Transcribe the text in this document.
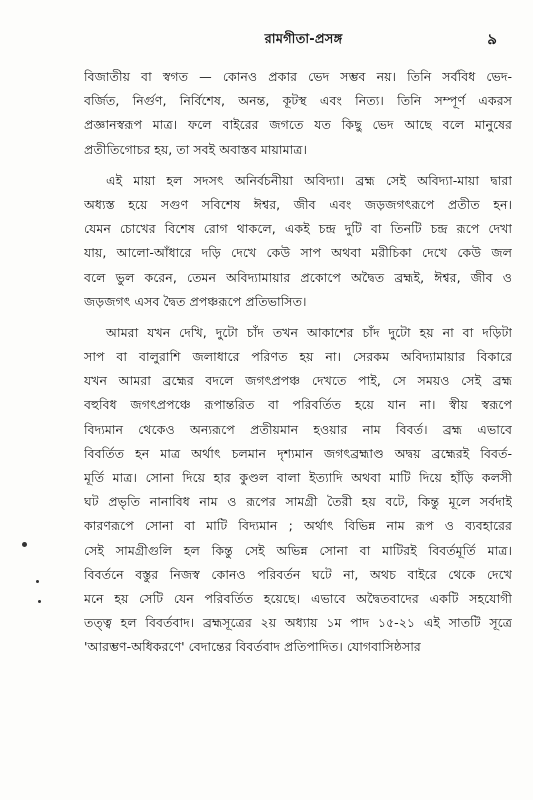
রামগীতা-প্রসঙ্গ	৯
বিজাতীয় বা স্বগত — কোনও প্রকার ভেদ সম্ভব নয়। তিনি সর্ববিধ ভেদ-
বর্জিত, নির্গুণ, নির্বিশেষ, অনন্ত, কূটস্থ এবং নিত্য। তিনি সম্পূর্ণ একরস
প্রজ্ঞানস্বরূপ মাত্র। ফলে বাইরের জগতে যত কিছু ভেদ আছে বলে মানুষের
প্রতীতিগোচর হয়, তা সবই অবাস্তব মায়ামাত্র।
এই মায়া হল সদসৎ অনির্বচনীয়া অবিদ্যা। ব্রহ্ম সেই অবিদ্যা-মায়া দ্বারা
অধ্যস্ত হয়ে সগুণ সবিশেষ ঈশ্বর, জীব এবং জড়জগৎরূপে প্রতীত হন।
যেমন চোখের বিশেষ রোগ থাকলে, একই চন্দ্র দুটি বা তিনটি চন্দ্র রূপে দেখা
যায়, আলো-আঁধারে দড়ি দেখে কেউ সাপ অথবা মরীচিকা দেখে কেউ জল
বলে ভুল করেন, তেমন অবিদ্যামায়ার প্রকোপে অদ্বৈত ব্রহ্মই, ঈশ্বর, জীব ও
জড়জগৎ এসব দ্বৈত প্রপঞ্চরূপে প্রতিভাসিত।
আমরা যখন দেখি, দুটো চাঁদ তখন আকাশের চাঁদ দুটো হয় না বা দড়িটা
সাপ বা বালুরাশি জলাধারে পরিণত হয় না। সেরকম অবিদ্যামায়ার বিকারে
যখন আমরা ব্রহ্মের বদলে জগৎপ্রপঞ্চ দেখতে পাই, সে সময়ও সেই ব্রহ্ম
বহুবিধ জগৎপ্রপঞ্চে রূপান্তরিত বা পরিবর্তিত হয়ে যান না। স্বীয় স্বরূপে
বিদ্যমান থেকেও অন্যরূপে প্রতীয়মান হওয়ার নাম বিবর্ত। ব্রহ্ম এভাবে
বিবর্তিত হন মাত্র অর্থাৎ চলমান দৃশ্যমান জগৎব্রহ্মাণ্ড অদ্বয় ব্রহ্মেরই বিবর্ত-
মূর্তি মাত্র। সোনা দিয়ে হার কুণ্ডল বালা ইত্যাদি অথবা মাটি দিয়ে হাঁড়ি কলসী
ঘট প্রভৃতি নানাবিধ নাম ও রূপের সামগ্রী তৈরী হয় বটে, কিন্তু মূলে সর্বদাই
কারণরূপে সোনা বা মাটি বিদ্যমান ; অর্থাৎ বিভিন্ন নাম রূপ ও ব্যবহারের
সেই সামগ্রীগুলি হল কিন্তু সেই অভিন্ন সোনা বা মাটিরই বিবর্তমূর্তি মাত্র।
বিবর্তনে বস্তুর নিজস্ব কোনও পরিবর্তন ঘটে না, অথচ বাইরে থেকে দেখে
মনে হয় সেটি যেন পরিবর্তিত হয়েছে। এভাবে অদ্বৈতবাদের একটি সহযোগী
তত্ত্ব হল বিবর্তবাদ। ব্রহ্মসূত্রের ২য় অধ্যায় ১ম পাদ ১৫-২১ এই সাতটি সূত্রে
'আরম্ভণ-অধিকরণে' বেদান্তের বিবর্তবাদ প্রতিপাদিত। যোগবাসিষ্ঠসার
